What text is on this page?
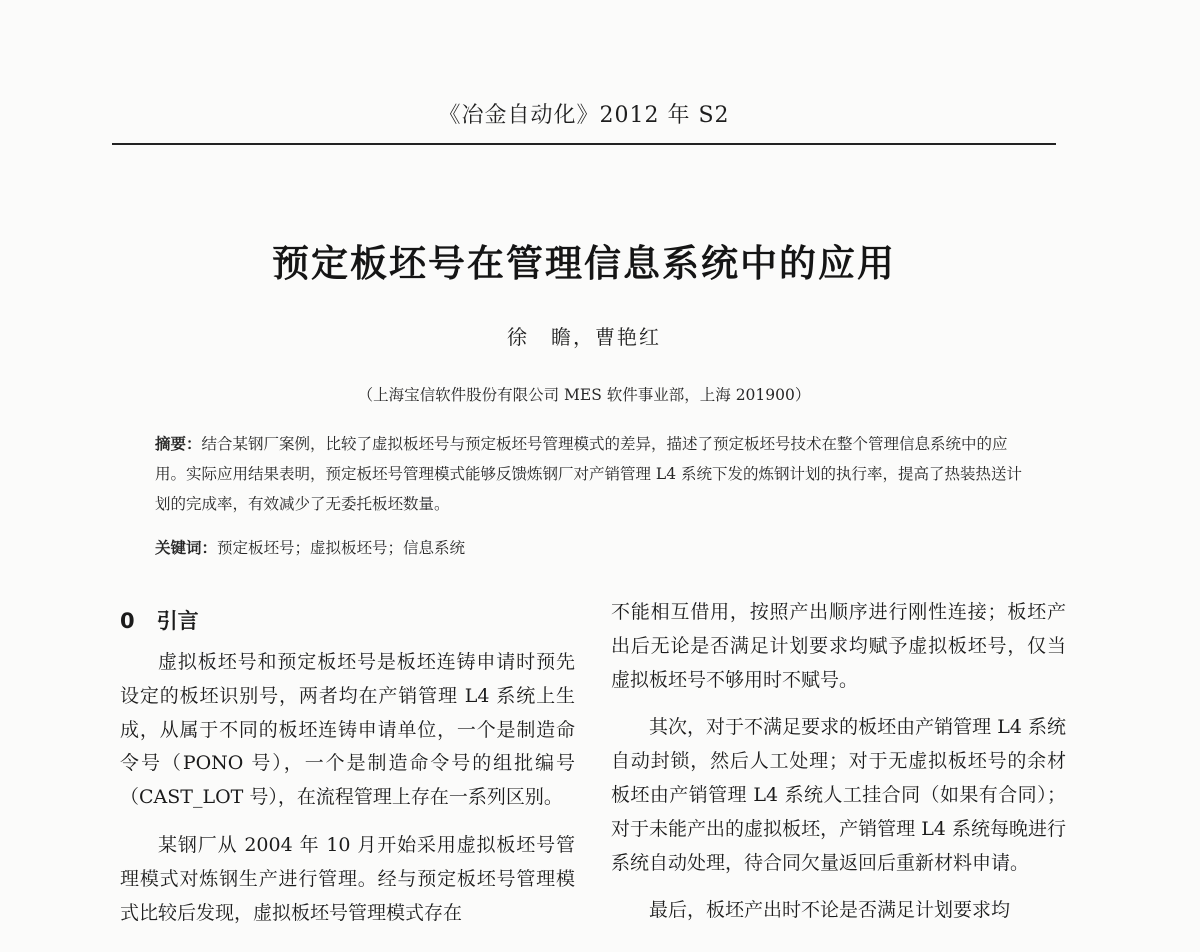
《冶金自动化》2012 年 S2
预定板坯号在管理信息系统中的应用
徐　瞻，曹艳红
（上海宝信软件股份有限公司 MES 软件事业部，上海 201900）

摘要：结合某钢厂案例，比较了虚拟板坯号与预定板坯号管理模式的差异，描述了预定板坯号技术在整个管理信息系统中的应用。实际应用结果表明，预定板坯号管理模式能够反馈炼钢厂对产销管理 L4 系统下发的炼钢计划的执行率，提高了热装热送计划的完成率，有效减少了无委托板坯数量。

关键词：预定板坯号；虚拟板坯号；信息系统
0 引言

虚拟板坯号和预定板坯号是板坯连铸申请时预先设定的板坯识别号，两者均在产销管理 L4 系统上生成，从属于不同的板坯连铸申请单位，一个是制造命令号（PONO 号），一个是制造命令号的组批编号（CAST_LOT 号），在流程管理上存在一系列区别。

某钢厂从 2004 年 10 月开始采用虚拟板坯号管理模式对炼钢生产进行管理。经与预定板坯号管理模式比较后发现，虚拟板坯号管理模式存在

不能相互借用，按照产出顺序进行刚性连接；板坯产出后无论是否满足计划要求均赋予虚拟板坯号，仅当虚拟板坯号不够用时不赋号。

其次，对于不满足要求的板坯由产销管理 L4 系统自动封锁，然后人工处理；对于无虚拟板坯号的余材板坯由产销管理 L4 系统人工挂合同（如果有合同）；对于未能产出的虚拟板坯，产销管理 L4 系统每晚进行系统自动处理，待合同欠量返回后重新材料申请。

最后，板坯产出时不论是否满足计划要求均
